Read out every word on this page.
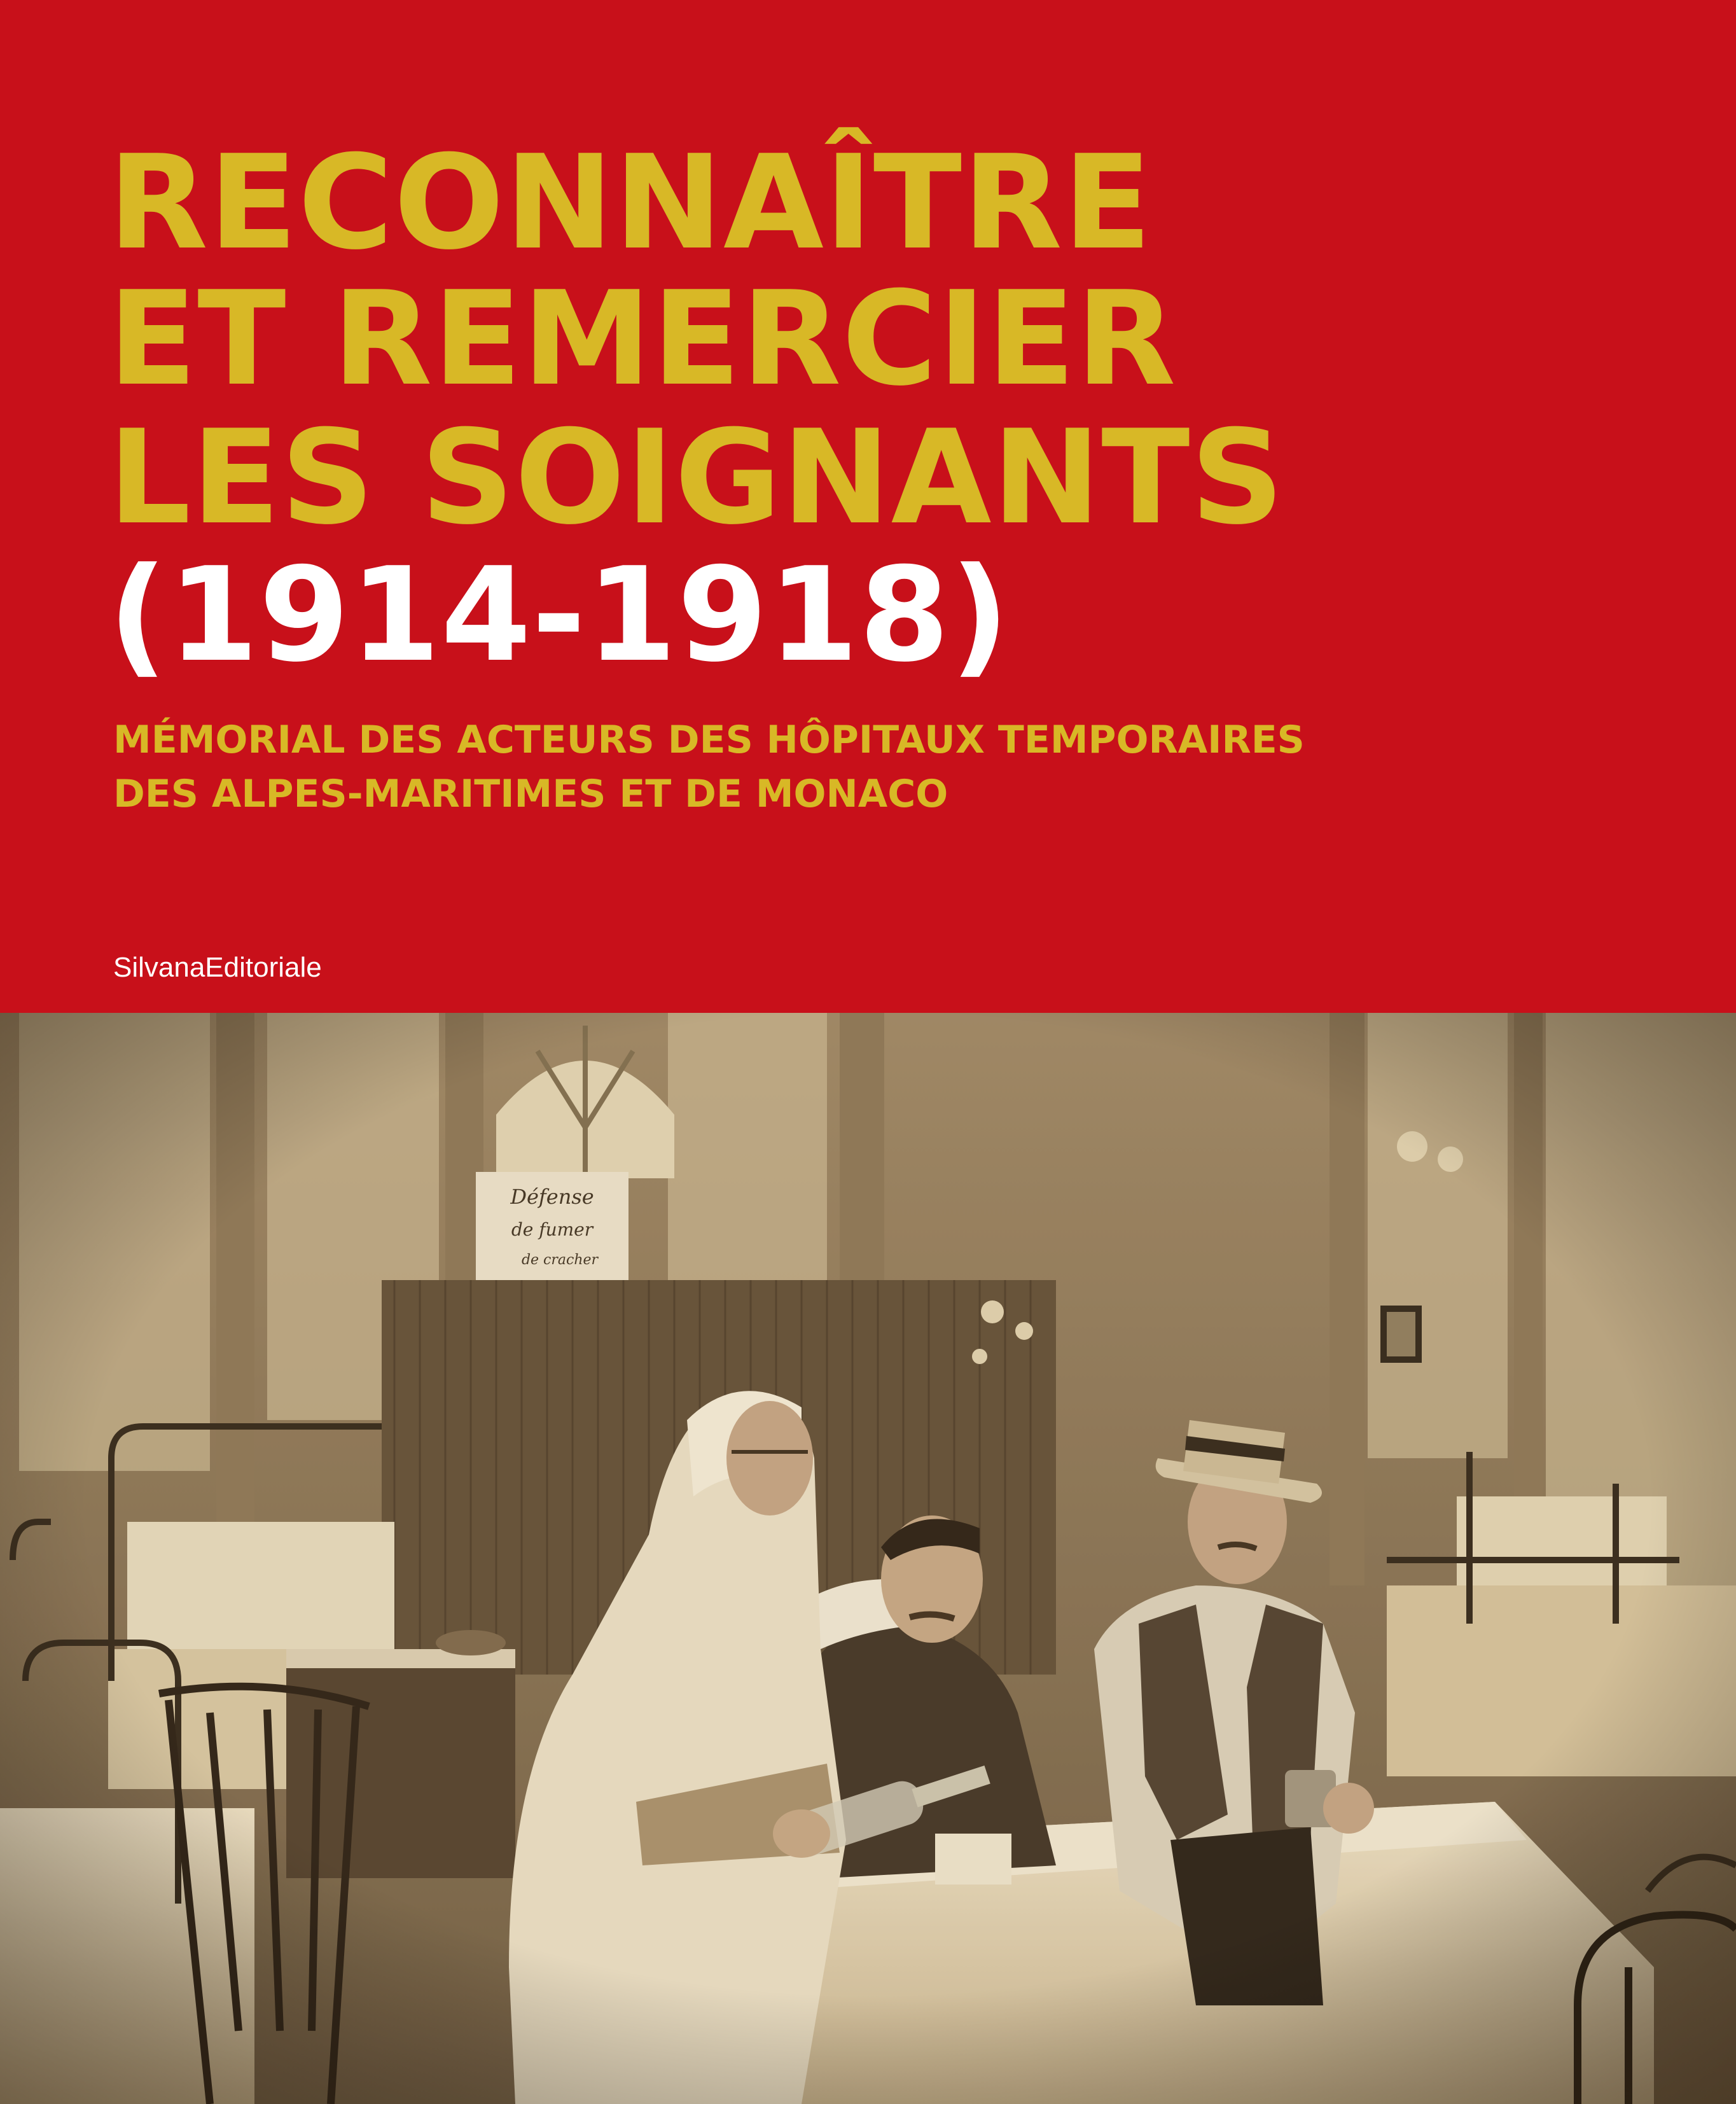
RECONNAÎTRE
ET REMERCIER
LES SOIGNANTS
(1914-1918)
MÉMORIAL DES ACTEURS DES HÔPITAUX TEMPORAIRES
DES ALPES-MARITIMES ET DE MONACO
SilvanaEditoriale
